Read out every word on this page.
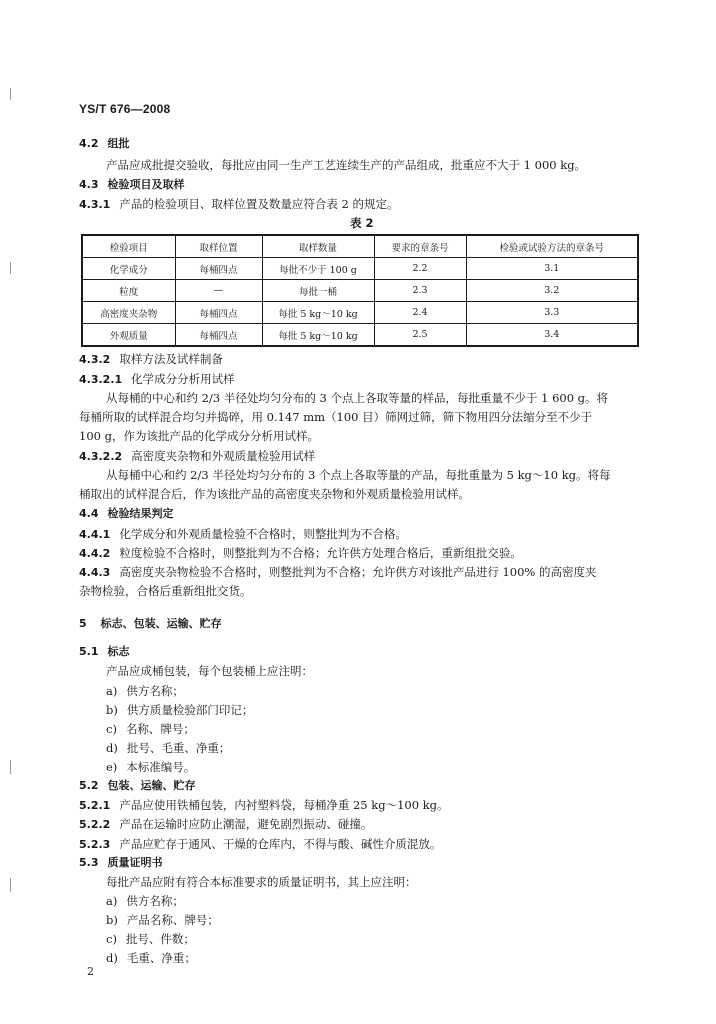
YS/T 676—2008
4.2 组批
产品应成批提交验收，每批应由同一生产工艺连续生产的产品组成，批重应不大于 1 000 kg。
4.3 检验项目及取样
4.3.1 产品的检验项目、取样位置及数量应符合表 2 的规定。
表 2
检验项目	取样位置	取样数量	要求的章条号	检验或试验方法的章条号
化学成分	每桶四点	每批不少于 100 g	2.2	3.1
粒度	—	每批一桶	2.3	3.2
高密度夹杂物	每桶四点	每批 5 kg～10 kg	2.4	3.3
外观质量	每桶四点	每批 5 kg～10 kg	2.5	3.4
4.3.2 取样方法及试样制备
4.3.2.1 化学成分分析用试样
从每桶的中心和约 2/3 半径处均匀分布的 3 个点上各取等量的样品，每批重量不少于 1 600 g。将
每桶所取的试样混合均匀并捣碎，用 0.147 mm（100 目）筛网过筛，筛下物用四分法缩分至不少于
100 g，作为该批产品的化学成分分析用试样。
4.3.2.2 高密度夹杂物和外观质量检验用试样
从每桶中心和约 2/3 半径处均匀分布的 3 个点上各取等量的产品，每批重量为 5 kg～10 kg。将每
桶取出的试样混合后，作为该批产品的高密度夹杂物和外观质量检验用试样。
4.4 检验结果判定
4.4.1 化学成分和外观质量检验不合格时，则整批判为不合格。
4.4.2 粒度检验不合格时，则整批判为不合格；允许供方处理合格后，重新组批交验。
4.4.3 高密度夹杂物检验不合格时，则整批判为不合格；允许供方对该批产品进行 100% 的高密度夹
杂物检验，合格后重新组批交货。
5 标志、包装、运输、贮存
5.1 标志
产品应成桶包装，每个包装桶上应注明：
a) 供方名称；
b) 供方质量检验部门印记；
c) 名称、牌号；
d) 批号、毛重、净重；
e) 本标准编号。
5.2 包装、运输、贮存
5.2.1 产品应使用铁桶包装，内衬塑料袋，每桶净重 25 kg～100 kg。
5.2.2 产品在运输时应防止潮湿，避免剧烈振动、碰撞。
5.2.3 产品应贮存于通风、干燥的仓库内，不得与酸、碱性介质混放。
5.3 质量证明书
每批产品应附有符合本标准要求的质量证明书，其上应注明：
a) 供方名称；
b) 产品名称、牌号；
c) 批号、件数；
d) 毛重、净重；
2
